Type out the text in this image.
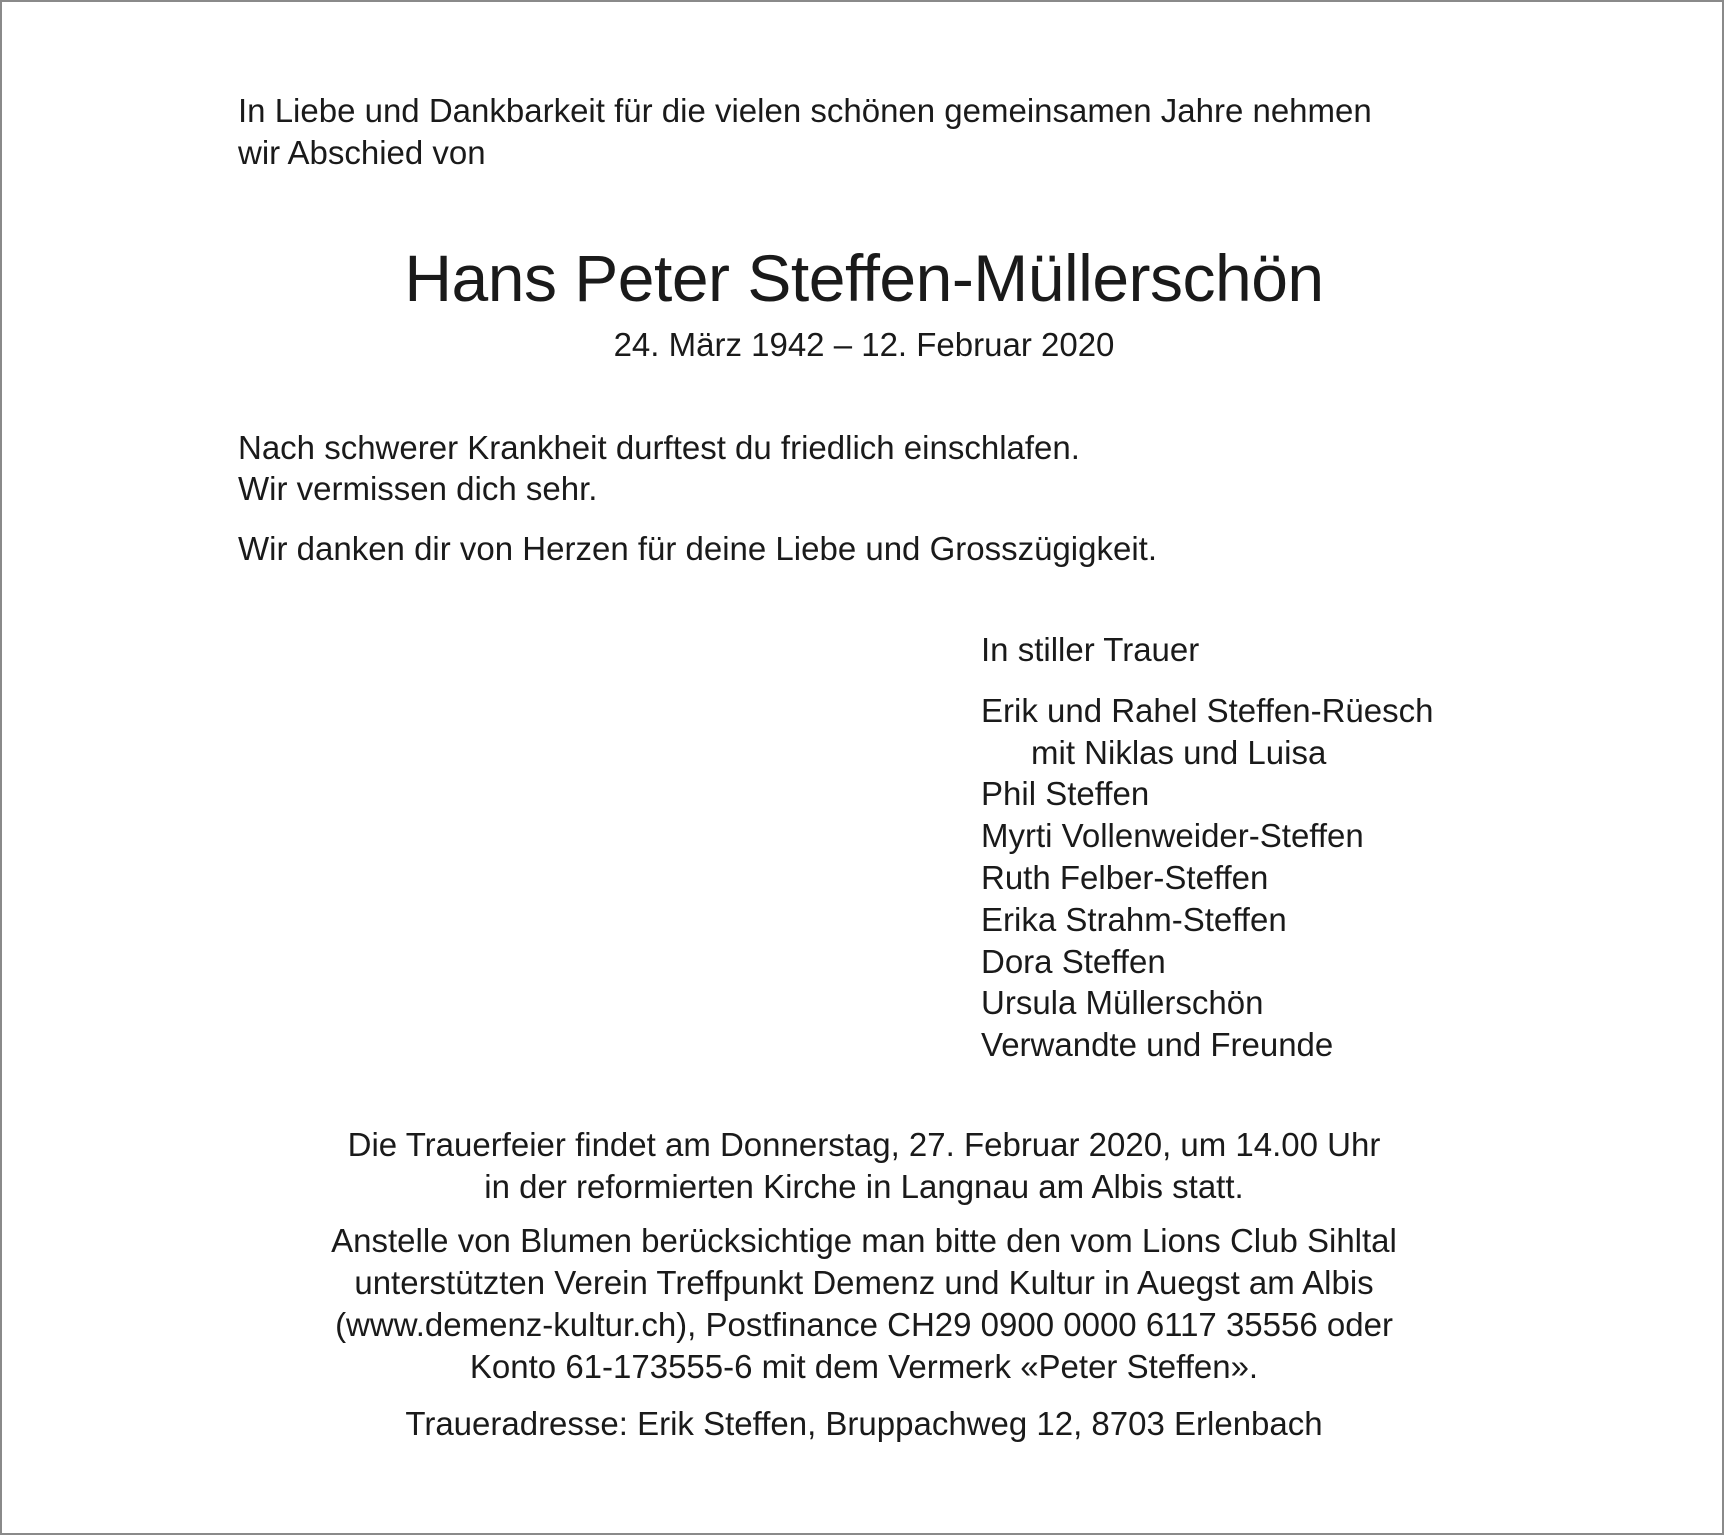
In Liebe und Dankbarkeit für die vielen schönen gemeinsamen Jahre nehmen
wir Abschied von
Hans Peter Steffen-Müllerschön
24. März 1942 – 12. Februar 2020

Nach schwerer Krankheit durftest du friedlich einschlafen.

Wir vermissen dich sehr.

Wir danken dir von Herzen für deine Liebe und Grosszügigkeit.

In stiller Trauer

Erik und Rahel Steffen-Rüesch
mit Niklas und Luisa
Phil Steffen
Myrti Vollenweider-Steffen
Ruth Felber-Steffen
Erika Strahm-Steffen
Dora Steffen
Ursula Müllerschön
Verwandte und Freunde

Die Trauerfeier findet am Donnerstag, 27. Februar 2020, um 14.00 Uhr

in der reformierten Kirche in Langnau am Albis statt.

Anstelle von Blumen berücksichtige man bitte den vom Lions Club Sihltal

unterstützten Verein Treffpunkt Demenz und Kultur in Auegst am Albis

(www.demenz-kultur.ch), Postfinance CH29 0900 0000 6117 35556 oder

Konto 61-173555-6 mit dem Vermerk «Peter Steffen».

Traueradresse: Erik Steffen, Bruppachweg 12, 8703 Erlenbach
